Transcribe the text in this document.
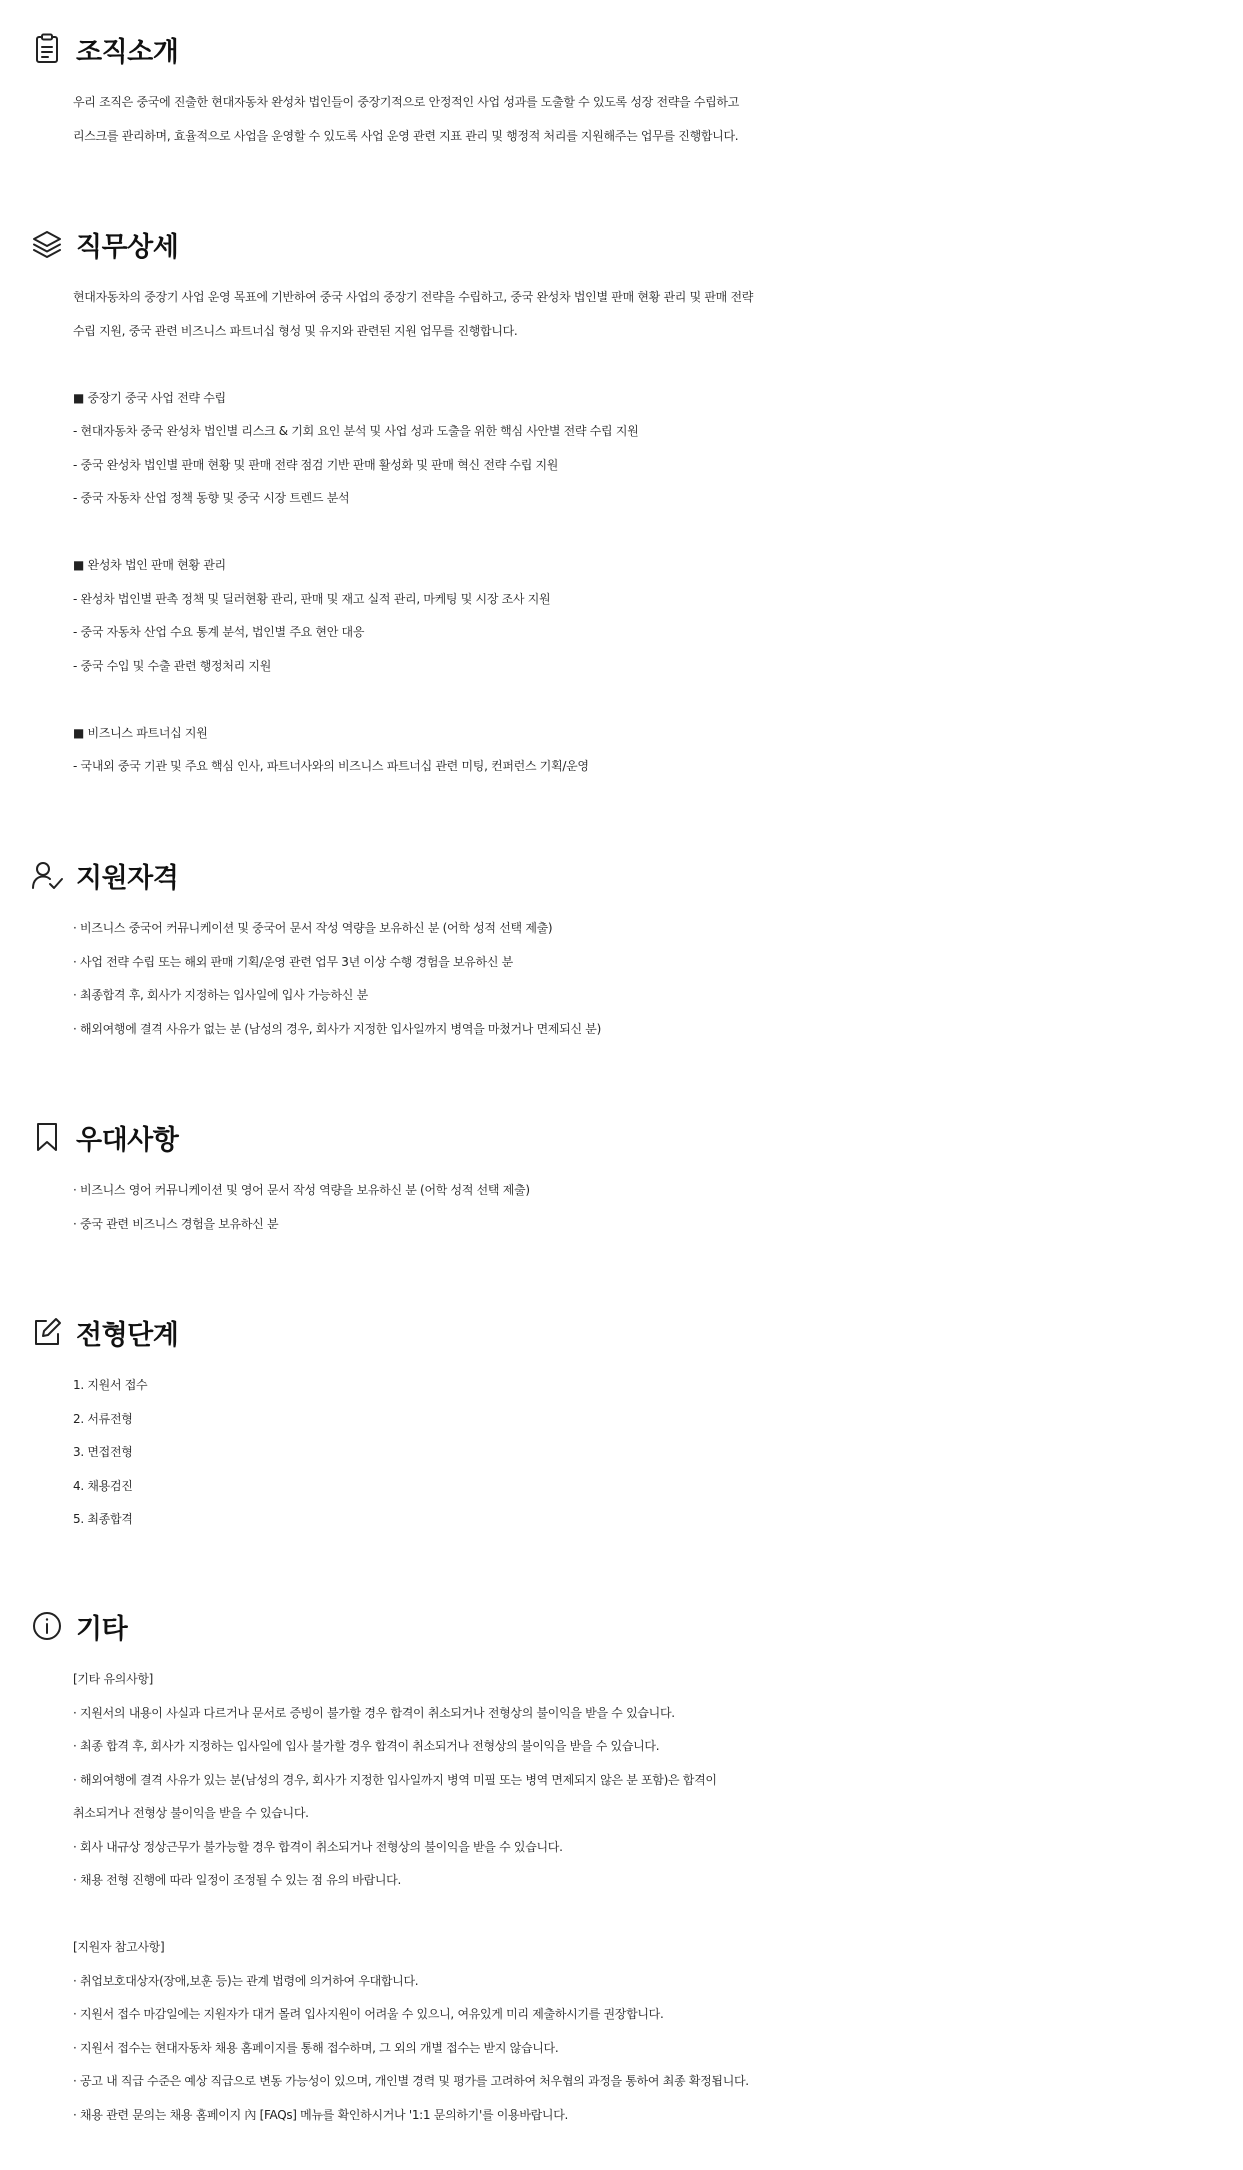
조직소개
우리 조직은 중국에 진출한 현대자동차 완성차 법인들이 중장기적으로 안정적인 사업 성과를 도출할 수 있도록 성장 전략을 수립하고
리스크를 관리하며, 효율적으로 사업을 운영할 수 있도록 사업 운영 관련 지표 관리 및 행정적 처리를 지원해주는 업무를 진행합니다.
직무상세
현대자동차의 중장기 사업 운영 목표에 기반하여 중국 사업의 중장기 전략을 수립하고, 중국 완성차 법인별 판매 현황 관리 및 판매 전략
수립 지원, 중국 관련 비즈니스 파트너십 형성 및 유지와 관련된 지원 업무를 진행합니다.
■ 중장기 중국 사업 전략 수립
- 현대자동차 중국 완성차 법인별 리스크 & 기회 요인 분석 및 사업 성과 도출을 위한 핵심 사안별 전략 수립 지원
- 중국 완성차 법인별 판매 현황 및 판매 전략 점검 기반 판매 활성화 및 판매 혁신 전략 수립 지원
- 중국 자동차 산업 정책 동향 및 중국 시장 트렌드 분석
■ 완성차 법인 판매 현황 관리
- 완성차 법인별 판촉 정책 및 딜러현황 관리, 판매 및 재고 실적 관리, 마케팅 및 시장 조사 지원
- 중국 자동차 산업 수요 통계 분석, 법인별 주요 현안 대응
- 중국 수입 및 수출 관련 행정처리 지원
■ 비즈니스 파트너십 지원
- 국내외 중국 기관 및 주요 핵심 인사, 파트너사와의 비즈니스 파트너십 관련 미팅, 컨퍼런스 기획/운영
지원자격
· 비즈니스 중국어 커뮤니케이션 및 중국어 문서 작성 역량을 보유하신 분 (어학 성적 선택 제출)
· 사업 전략 수립 또는 해외 판매 기획/운영 관련 업무 3년 이상 수행 경험을 보유하신 분
· 최종합격 후, 회사가 지정하는 입사일에 입사 가능하신 분
· 해외여행에 결격 사유가 없는 분 (남성의 경우, 회사가 지정한 입사일까지 병역을 마쳤거나 면제되신 분)
우대사항
· 비즈니스 영어 커뮤니케이션 및 영어 문서 작성 역량을 보유하신 분 (어학 성적 선택 제출)
· 중국 관련 비즈니스 경험을 보유하신 분
전형단계
1. 지원서 접수
2. 서류전형
3. 면접전형
4. 채용검진
5. 최종합격
기타
[기타 유의사항]
· 지원서의 내용이 사실과 다르거나 문서로 증빙이 불가할 경우 합격이 취소되거나 전형상의 불이익을 받을 수 있습니다.
· 최종 합격 후, 회사가 지정하는 입사일에 입사 불가할 경우 합격이 취소되거나 전형상의 불이익을 받을 수 있습니다.
· 해외여행에 결격 사유가 있는 분(남성의 경우, 회사가 지정한 입사일까지 병역 미필 또는 병역 면제되지 않은 분 포함)은 합격이
취소되거나 전형상 불이익을 받을 수 있습니다.
· 회사 내규상 정상근무가 불가능할 경우 합격이 취소되거나 전형상의 불이익을 받을 수 있습니다.
· 채용 전형 진행에 따라 일정이 조정될 수 있는 점 유의 바랍니다.
[지원자 참고사항]
· 취업보호대상자(장애,보훈 등)는 관계 법령에 의거하여 우대합니다.
· 지원서 접수 마감일에는 지원자가 대거 몰려 입사지원이 어려울 수 있으니, 여유있게 미리 제출하시기를 권장합니다.
· 지원서 접수는 현대자동차 채용 홈페이지를 통해 접수하며, 그 외의 개별 접수는 받지 않습니다.
· 공고 내 직급 수준은 예상 직급으로 변동 가능성이 있으며, 개인별 경력 및 평가를 고려하여 처우협의 과정을 통하여 최종 확정됩니다.
· 채용 관련 문의는 채용 홈페이지 內 [FAQs] 메뉴를 확인하시거나 '1:1 문의하기'를 이용바랍니다.
